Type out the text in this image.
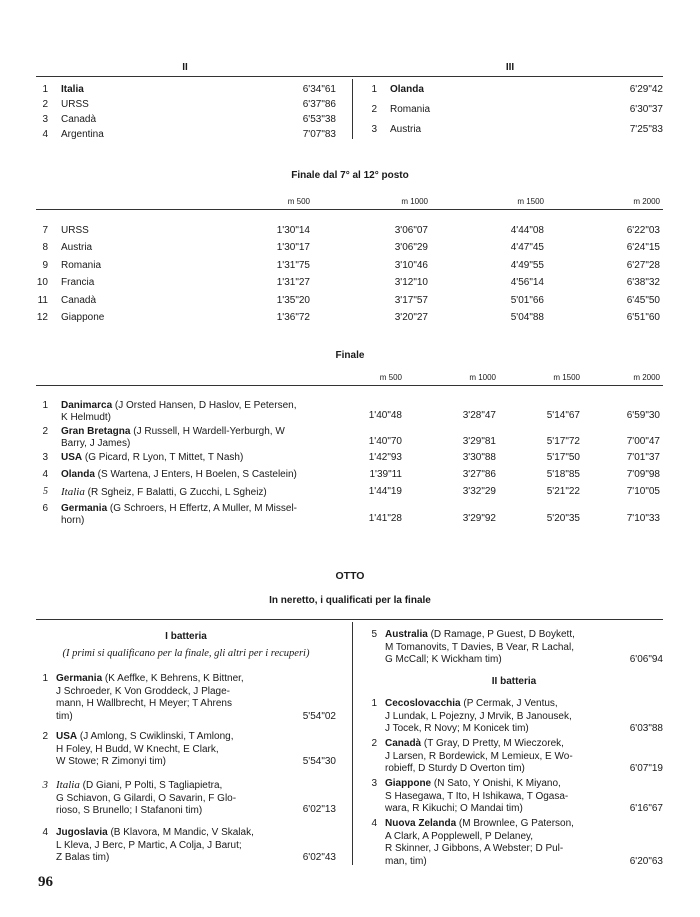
II	III
1 Italia	6'34"61
2 URSS	6'37"86
3 Canadà	6'53"38
4 Argentina	7'07"83
1 Olanda	6'29"42
2 Romania	6'30"37
3 Austria	7'25"83
Finale dal 7° al 12° posto
m 500	m 1000	m 1500	m 2000
7 URSS	1'30"14	3'06"07	4'44"08	6'22"03
8 Austria	1'30"17	3'06"29	4'47"45	6'24"15
9 Romania	1'31"75	3'10"46	4'49"55	6'27"28
10 Francia	1'31"27	3'12"10	4'56"14	6'38"32
11 Canadà	1'35"20	3'17"57	5'01"66	6'45"50
12 Giappone	1'36"72	3'20"27	5'04"88	6'51"60
Finale
m 500	m 1000	m 1500	m 2000
1 Danimarca (J Orsted Hansen, D Haslov, E Petersen,
K Helmudt)	1'40"48	3'28"47	5'14"67	6'59"30
2 Gran Bretagna (J Russell, H Wardell-Yerburgh, W
Barry, J James)	1'40"70	3'29"81	5'17"72	7'00"47
3 USA (G Picard, R Lyon, T Mittet, T Nash)	1'42"93	3'30"88	5'17"50	7'01"37
4 Olanda (S Wartena, J Enters, H Boelen, S Castelein)	1'39"11	3'27"86	5'18"85	7'09"98
5 Italia (R Sgheiz, F Balatti, G Zucchi, L Sgheiz)	1'44"19	3'32"29	5'21"22	7'10"05
6 Germania (G Schroers, H Effertz, A Muller, M Missel-
horn)	1'41"28	3'29"92	5'20"35	7'10"33
OTTO
In neretto, i qualificati per la finale
I batteria
(I primi si qualificano per la finale, gli altri per i recuperi)
1 Germania (K Aeffke, K Behrens, K Bittner,
J Schroeder, K Von Groddeck, J Plage-
mann, H Wallbrecht, H Meyer; T Ahrens
tim)	5'54"02
2 USA (J Amlong, S Cwiklinski, T Amlong,
H Foley, H Budd, W Knecht, E Clark,
W Stowe; R Zimonyi tim)	5'54"30
3 Italia (D Giani, P Polti, S Tagliapietra,
G Schiavon, G Gilardi, O Savarin, F Glo-
rioso, S Brunello; I Stafanoni tim)	6'02"13
4 Jugoslavia (B Klavora, M Mandic, V Skalak,
L Kleva, J Berc, P Martic, A Colja, J Barut;
Z Balas tim)	6'02"43
5 Australia (D Ramage, P Guest, D Boykett,
M Tomanovits, T Davies, B Vear, R Lachal,
G McCall; K Wickham tim)	6'06"94
II batteria
1 Cecoslovacchia (P Cermak, J Ventus,
J Lundak, L Pojezny, J Mrvik, B Janousek,
J Tocek, R Novy; M Konicek tim)	6'03"88
2 Canadà (T Gray, D Pretty, M Wieczorek,
J Larsen, R Bordewick, M Lemieux, E Wo-
robieff, D Sturdy D Overton tim)	6'07"19
3 Giappone (N Sato, Y Onishi, K Miyano,
S Hasegawa, T Ito, H Ishikawa, T Ogasa-
wara, R Kikuchi; O Mandai tim)	6'16"67
4 Nuova Zelanda (M Brownlee, G Paterson,
A Clark, A Popplewell, P Delaney,
R Skinner, J Gibbons, A Webster; D Pul-
man, tim)	6'20"63
96
